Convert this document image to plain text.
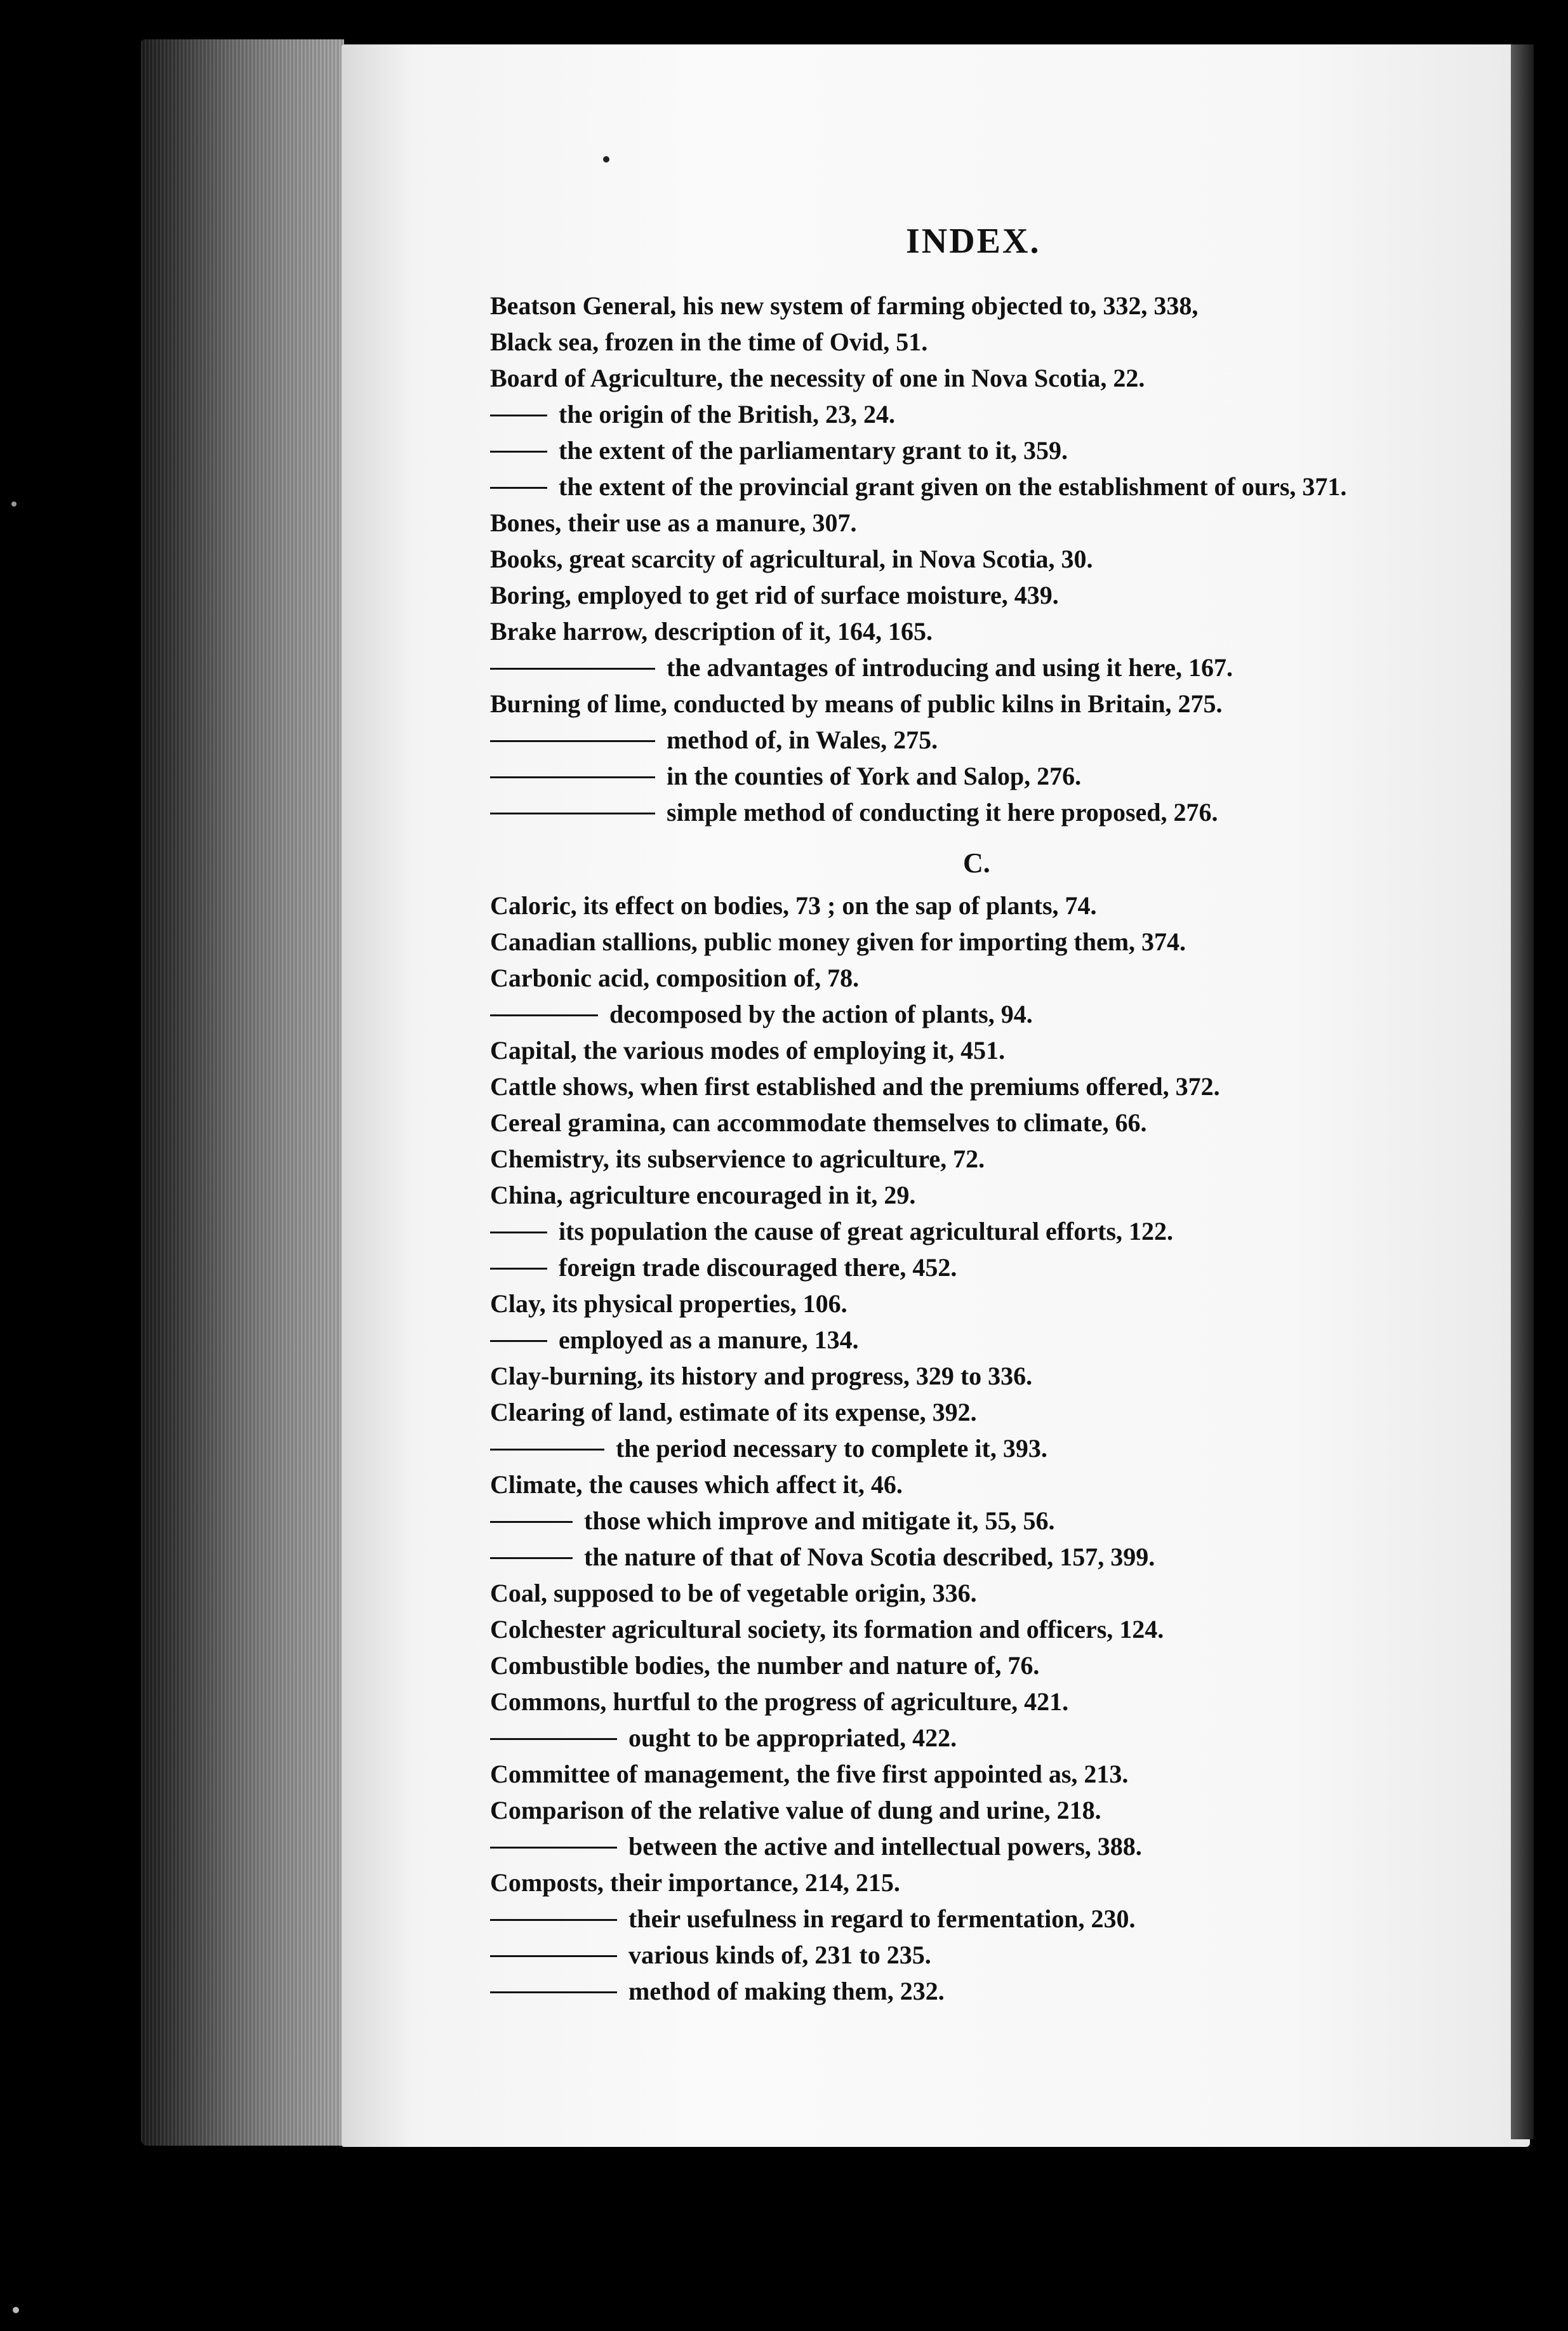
INDEX.
Beatson General, his new system of farming objected to, 332, 338,
Black sea, frozen in the time of Ovid, 51.
Board of Agriculture, the necessity of one in Nova Scotia, 22.
the origin of the British, 23, 24.
the extent of the parliamentary grant to it, 359.
the extent of the provincial grant given on the establishment of ours, 371.
Bones, their use as a manure, 307.
Books, great scarcity of agricultural, in Nova Scotia, 30.
Boring, employed to get rid of surface moisture, 439.
Brake harrow, description of it, 164, 165.
the advantages of introducing and using it here, 167.
Burning of lime, conducted by means of public kilns in Britain, 275.
method of, in Wales, 275.
in the counties of York and Salop, 276.
simple method of conducting it here proposed, 276.
C.
Caloric, its effect on bodies, 73 ; on the sap of plants, 74.
Canadian stallions, public money given for importing them, 374.
Carbonic acid, composition of, 78.
decomposed by the action of plants, 94.
Capital, the various modes of employing it, 451.
Cattle shows, when first established and the premiums offered, 372.
Cereal gramina, can accommodate themselves to climate, 66.
Chemistry, its subservience to agriculture, 72.
China, agriculture encouraged in it, 29.
its population the cause of great agricultural efforts, 122.
foreign trade discouraged there, 452.
Clay, its physical properties, 106.
employed as a manure, 134.
Clay-burning, its history and progress, 329 to 336.
Clearing of land, estimate of its expense, 392.
the period necessary to complete it, 393.
Climate, the causes which affect it, 46.
those which improve and mitigate it, 55, 56.
the nature of that of Nova Scotia described, 157, 399.
Coal, supposed to be of vegetable origin, 336.
Colchester agricultural society, its formation and officers, 124.
Combustible bodies, the number and nature of, 76.
Commons, hurtful to the progress of agriculture, 421.
ought to be appropriated, 422.
Committee of management, the five first appointed as, 213.
Comparison of the relative value of dung and urine, 218.
between the active and intellectual powers, 388.
Composts, their importance, 214, 215.
their usefulness in regard to fermentation, 230.
various kinds of, 231 to 235.
method of making them, 232.
